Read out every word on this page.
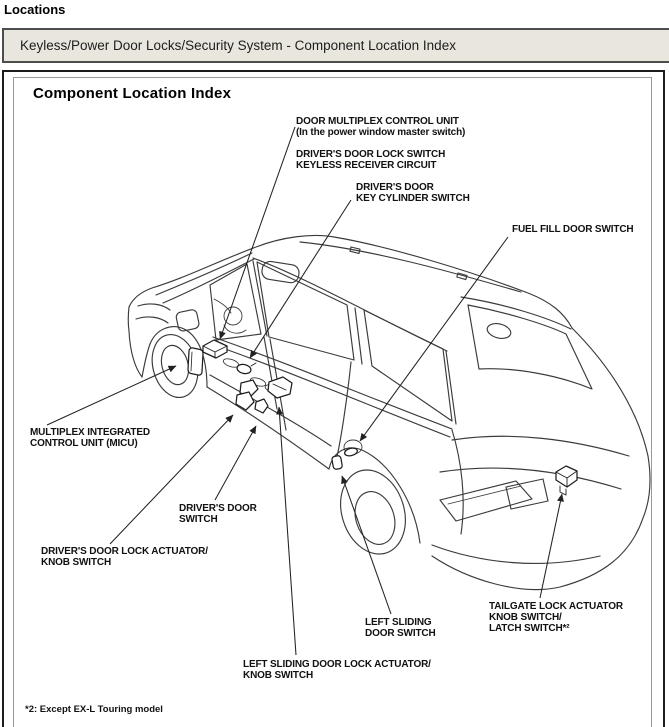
Locations
Keyless/Power Door Locks/Security System - Component Location Index
Component Location Index
DOOR MULTIPLEX CONTROL UNIT
(In the power window master switch)
DRIVER'S DOOR LOCK SWITCH
KEYLESS RECEIVER CIRCUIT
DRIVER'S DOOR
KEY CYLINDER SWITCH
FUEL FILL DOOR SWITCH
MULTIPLEX INTEGRATED
CONTROL UNIT (MICU)
DRIVER'S DOOR
SWITCH
DRIVER'S DOOR LOCK ACTUATOR/
KNOB SWITCH
LEFT SLIDING
DOOR SWITCH
LEFT SLIDING DOOR LOCK ACTUATOR/
KNOB SWITCH
TAILGATE LOCK ACTUATOR
KNOB SWITCH/
LATCH SWITCH*²
*2: Except EX-L Touring model
